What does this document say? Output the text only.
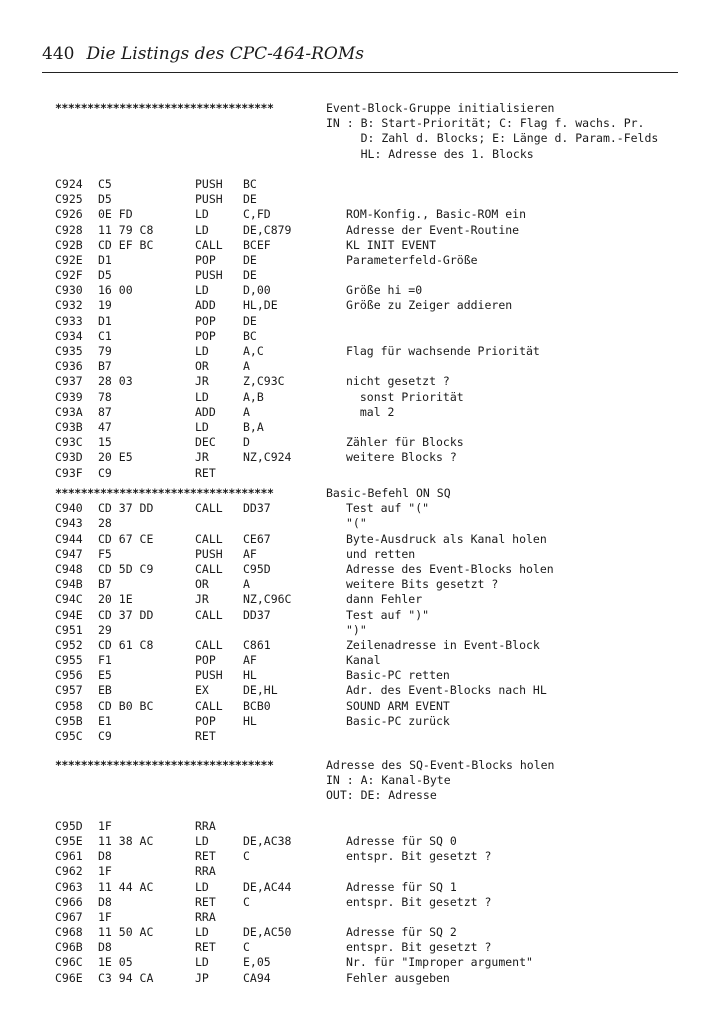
440 Die Listings des CPC-464-ROMs
**********************************	Event-Block-Gruppe initialisieren
IN : B: Start-Priorität; C: Flag f. wachs. Pr.
D: Zahl d. Blocks; E: Länge d. Param.-Felds
HL: Adresse des 1. Blocks
C924 C5	PUSH BC
C925 D5	PUSH DE
C926 0E FD	LD	C,FD	ROM-Konfig., Basic-ROM ein
C928 11 79 C8	LD	DE,C879	Adresse der Event-Routine
C92B CD EF BC	CALL BCEF	KL INIT EVENT
C92E D1	POP DE	Parameterfeld-Größe
C92F D5	PUSH DE
C930 16 00	LD	D,00	Größe hi =0
C932 19	ADD HL,DE	Größe zu Zeiger addieren
C933 D1	POP DE
C934 C1	POP BC
C935 79	LD	A,C	Flag für wachsende Priorität
C936 B7	OR	A
C937 28 03	JR	Z,C93C	nicht gesetzt ?
C939 78	LD	A,B	sonst Priorität
C93A 87	ADD A	mal 2
C93B 47	LD	B,A
C93C 15	DEC D	Zähler für Blocks
C93D 20 E5	JR	NZ,C924	weitere Blocks ?
C93F C9	RET
**********************************	Basic-Befehl ON SQ
C940 CD 37 DD	CALL DD37	Test auf "("
C943 28	"("
C944 CD 67 CE	CALL CE67	Byte-Ausdruck als Kanal holen
C947 F5	PUSH AF	und retten
C948 CD 5D C9	CALL C95D	Adresse des Event-Blocks holen
C94B B7	OR	A	weitere Bits gesetzt ?
C94C 20 1E	JR	NZ,C96C	dann Fehler
C94E CD 37 DD	CALL DD37	Test auf ")"
C951 29	")"
C952 CD 61 C8	CALL C861	Zeilenadresse in Event-Block
C955 F1	POP AF	Kanal
C956 E5	PUSH HL	Basic-PC retten
C957 EB	EX	DE,HL	Adr. des Event-Blocks nach HL
C958 CD B0 BC	CALL BCB0	SOUND ARM EVENT
C95B E1	POP HL	Basic-PC zurück
C95C C9	RET
**********************************	Adresse des SQ-Event-Blocks holen
IN : A: Kanal-Byte
OUT: DE: Adresse
C95D 1F	RRA
C95E 11 38 AC	LD	DE,AC38	Adresse für SQ 0
C961 D8	RET C	entspr. Bit gesetzt ?
C962 1F	RRA
C963 11 44 AC	LD	DE,AC44	Adresse für SQ 1
C966 D8	RET C	entspr. Bit gesetzt ?
C967 1F	RRA
C968 11 50 AC	LD	DE,AC50	Adresse für SQ 2
C96B D8	RET C	entspr. Bit gesetzt ?
C96C 1E 05	LD	E,05	Nr. für "Improper argument"
C96E C3 94 CA	JP	CA94	Fehler ausgeben
